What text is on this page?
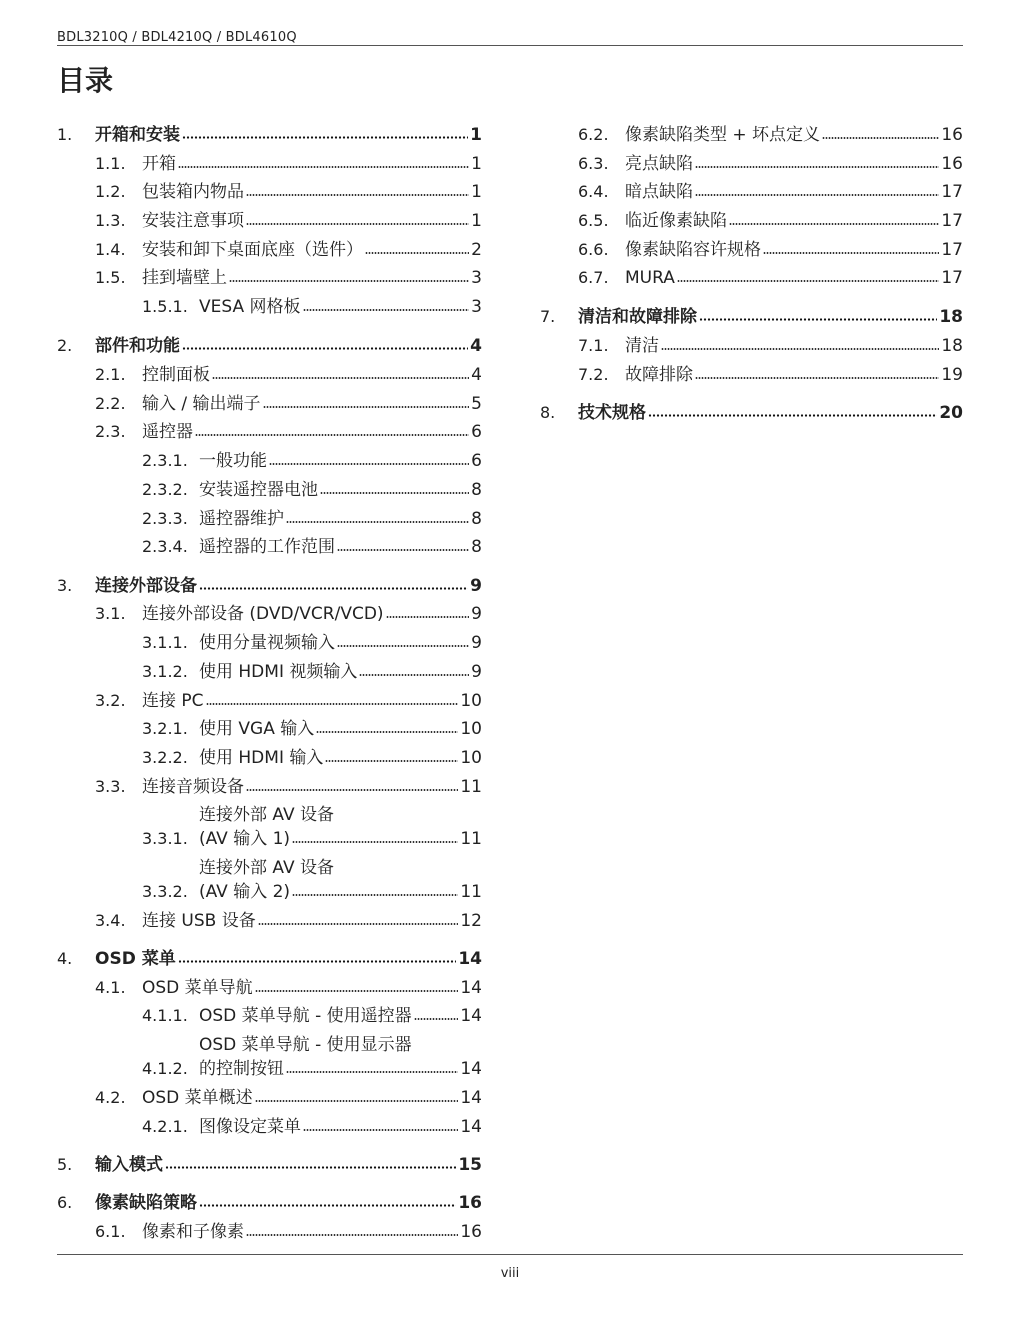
BDL3210Q / BDL4210Q / BDL4610Q
目录
1. 开箱和安装	1
1.1. 开箱	1
1.2. 包装箱内物品	1
1.3. 安装注意事项	1
1.4. 安装和卸下桌面底座（选件）	2
1.5. 挂到墙壁上	3
1.5.1. VESA 网格板	3
2. 部件和功能	4
2.1. 控制面板	4
2.2. 输入 / 输出端子	5
2.3. 遥控器	6
2.3.1. 一般功能	6
2.3.2. 安装遥控器电池	8
2.3.3. 遥控器维护	8
2.3.4. 遥控器的工作范围	8
3. 连接外部设备	9
3.1. 连接外部设备 (DVD/VCR/VCD)	9
3.1.1. 使用分量视频输入	9
3.1.2. 使用 HDMI 视频输入	9
3.2. 连接 PC	10
3.2.1. 使用 VGA 输入	10
3.2.2. 使用 HDMI 输入	10
3.3. 连接音频设备	11
3.3.1.
连接外部 AV 设备
(AV 输入 1)	11
3.3.2.
连接外部 AV 设备
(AV 输入 2)	11
3.4. 连接 USB 设备	12
4. OSD 菜单	14
4.1. OSD 菜单导航	14
4.1.1. OSD 菜单导航 - 使用遥控器	14
4.1.2.
OSD 菜单导航 - 使用显示器
的控制按钮	14
4.2. OSD 菜单概述	14
4.2.1. 图像设定菜单	14
5. 输入模式	15
6. 像素缺陷策略	16
6.1. 像素和子像素	16
6.2. 像素缺陷类型 + 坏点定义	16
6.3. 亮点缺陷	16
6.4. 暗点缺陷	17
6.5. 临近像素缺陷	17
6.6. 像素缺陷容许规格	17
6.7. MURA	17
7. 清洁和故障排除	18
7.1. 清洁	18
7.2. 故障排除	19
8. 技术规格	20
viii
